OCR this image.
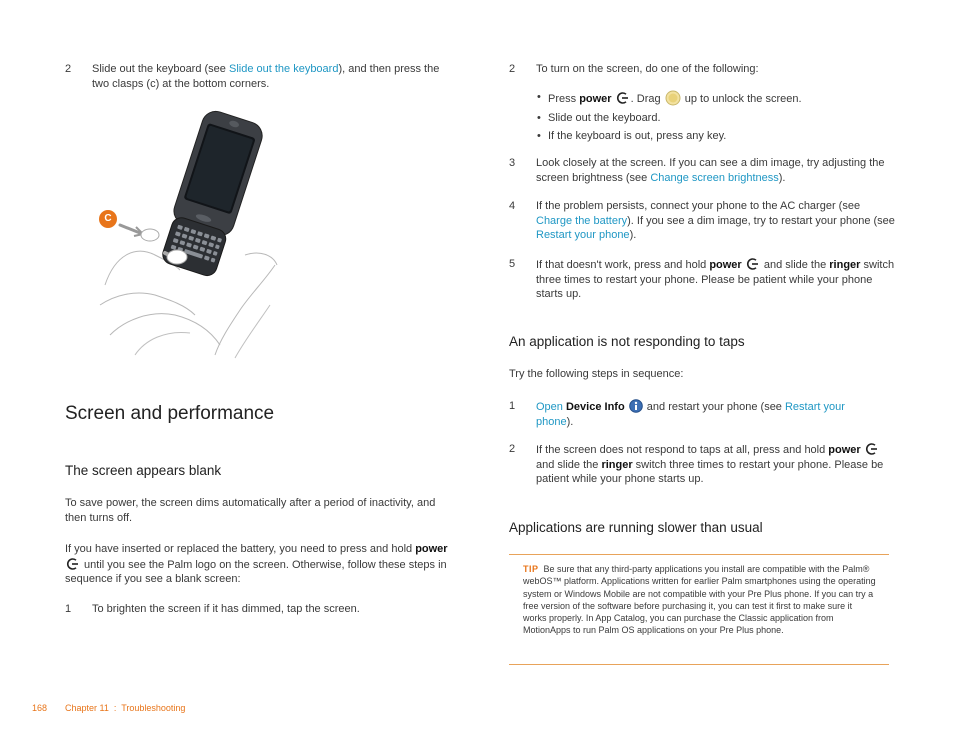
2	Slide out the keyboard (see Slide out the keyboard), and then press the two clasps (c) at the bottom corners.
C
Screen and performance
The screen appears blank
To save power, the screen dims automatically after a period of inactivity, and then turns off.
If you have inserted or replaced the battery, you need to press and hold power  until you see the Palm logo on the screen. Otherwise, follow these steps in sequence if you see a blank screen:
1	To brighten the screen if it has dimmed, tap the screen.
2	To turn on the screen, do one of the following:
• Press power . Drag  up to unlock the screen.
• Slide out the keyboard.
• If the keyboard is out, press any key.
3	Look closely at the screen. If you can see a dim image, try adjusting the screen brightness (see Change screen brightness).
4	If the problem persists, connect your phone to the AC charger (see Charge the battery). If you see a dim image, try to restart your phone (see Restart your phone).
5	If that doesn't work, press and hold power  and slide the ringer switch three times to restart your phone. Please be patient while your phone starts up.
An application is not responding to taps
Try the following steps in sequence:
1	Open Device Info  and restart your phone (see Restart your phone).
2	If the screen does not respond to taps at all, press and hold power  and slide the ringer switch three times to restart your phone. Please be patient while your phone starts up.
Applications are running slower than usual
TIP Be sure that any third-party applications you install are compatible with the Palm® webOS™ platform. Applications written for earlier Palm smartphones using the operating system or Windows Mobile are not compatible with your Pre Plus phone. If you can try a free version of the software before purchasing it, you can test it first to make sure it works properly. In App Catalog, you can purchase the Classic application from MotionApps to run Palm OS applications on your Pre Plus phone.
168 Chapter 11  :  Troubleshooting
